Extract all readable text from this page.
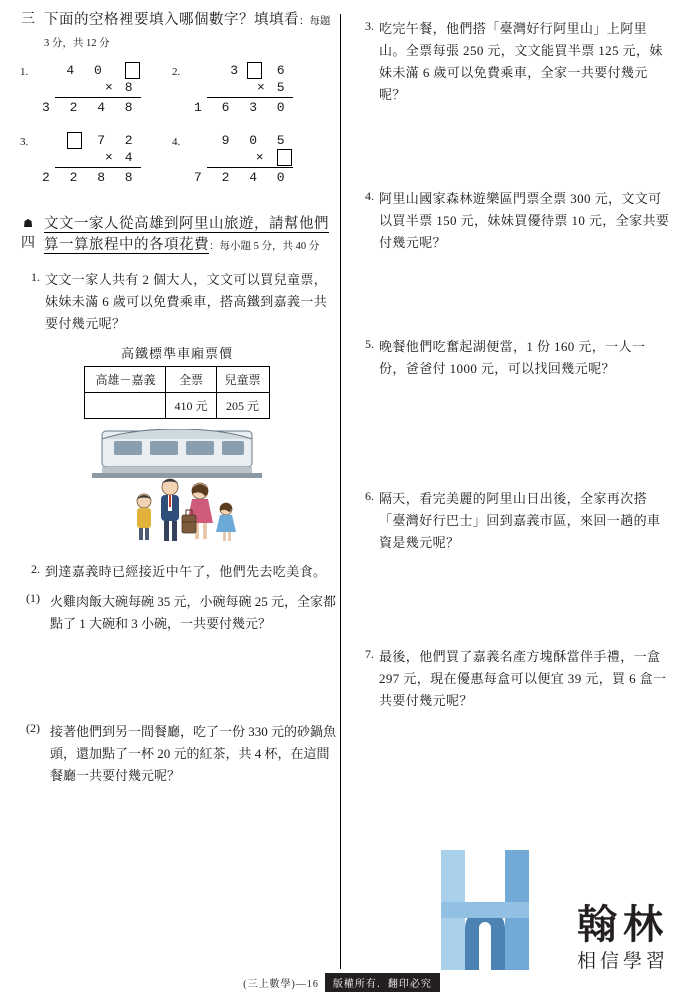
三 下面的空格裡要填入哪個數字？填填看：每題 3 分，共 12 分
1.	4 0
× 8
3 2 4 8
2.	3 6
× 5
1 6 3 0
3.	7 2
× 4
2 2 8 8
4.	9 0 5
×
7 2 4 0
☗ 四
文文一家人從高雄到阿里山旅遊，請幫他們算一算旅程中的各項花費：每小題 5 分，共 40 分
1. 文文一家人共有 2 個大人，文文可以買兒童票，妹妹未滿 6 歲可以免費乘車，搭高鐵到嘉義一共要付幾元呢？
高鐵標準車廂票價
高雄－嘉義	全票	兒童票
	410 元	205 元
2. 到達嘉義時已經接近中午了，他們先去吃美食。
(1) 火雞肉飯大碗每碗 35 元，小碗每碗 25 元，全家都點了 1 大碗和 3 小碗，一共要付幾元？
(2) 接著他們到另一間餐廳，吃了一份 330 元的砂鍋魚頭，還加點了一杯 20 元的紅茶，共 4 杯，在這間餐廳一共要付幾元呢？
3. 吃完午餐，他們搭「臺灣好行阿里山」上阿里山。全票每張 250 元，文文能買半票 125 元，妹妹未滿 6 歲可以免費乘車，全家一共要付幾元呢？
4. 阿里山國家森林遊樂區門票全票 300 元，文文可以買半票 150 元，妹妹買優待票 10 元，全家共要付幾元呢？
5. 晚餐他們吃奮起湖便當，1 份 160 元，一人一份，爸爸付 1000 元，可以找回幾元呢？
6. 隔天，看完美麗的阿里山日出後，全家再次搭「臺灣好行巴士」回到嘉義市區，來回一趟的車資是幾元呢？
7. 最後，他們買了嘉義名產方塊酥當伴手禮，一盒 297 元，現在優惠每盒可以便宜 39 元，買 6 盒一共要付幾元呢？
翰林
相信學習
(三上數學)—16	版權所有．翻印必究
